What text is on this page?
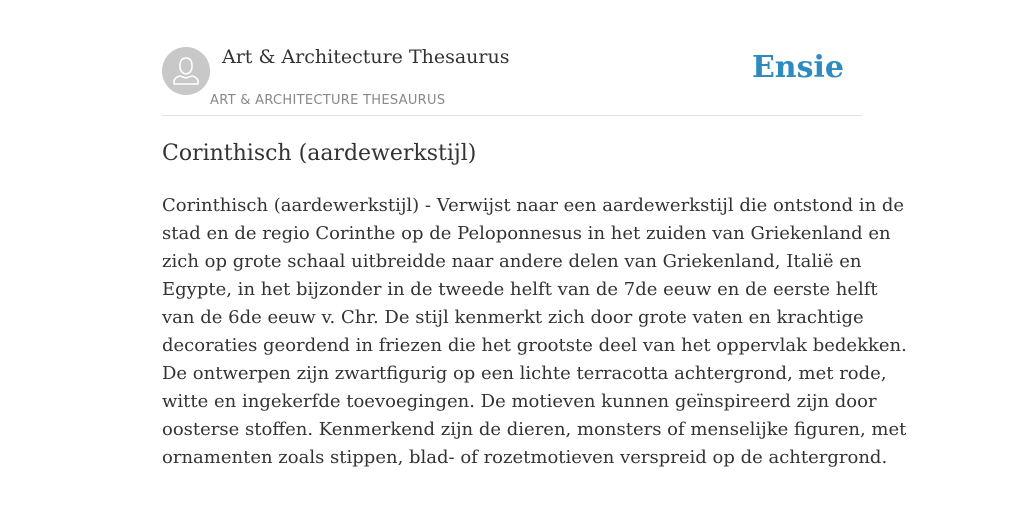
Art & Architecture Thesaurus
ART & ARCHITECTURE THESAURUS
Ensie
Corinthisch (aardewerkstijl)

Corinthisch (aardewerkstijl) - Verwijst naar een aardewerkstijl die ontstond in de
stad en de regio Corinthe op de Peloponnesus in het zuiden van Griekenland en
zich op grote schaal uitbreidde naar andere delen van Griekenland, Italië en
Egypte, in het bijzonder in de tweede helft van de 7de eeuw en de eerste helft
van de 6de eeuw v. Chr. De stijl kenmerkt zich door grote vaten en krachtige
decoraties geordend in friezen die het grootste deel van het oppervlak bedekken.
De ontwerpen zijn zwartfigurig op een lichte terracotta achtergrond, met rode,
witte en ingekerfde toevoegingen. De motieven kunnen geïnspireerd zijn door
oosterse stoffen. Kenmerkend zijn de dieren, monsters of menselijke figuren, met
ornamenten zoals stippen, blad- of rozetmotieven verspreid op de achtergrond.
